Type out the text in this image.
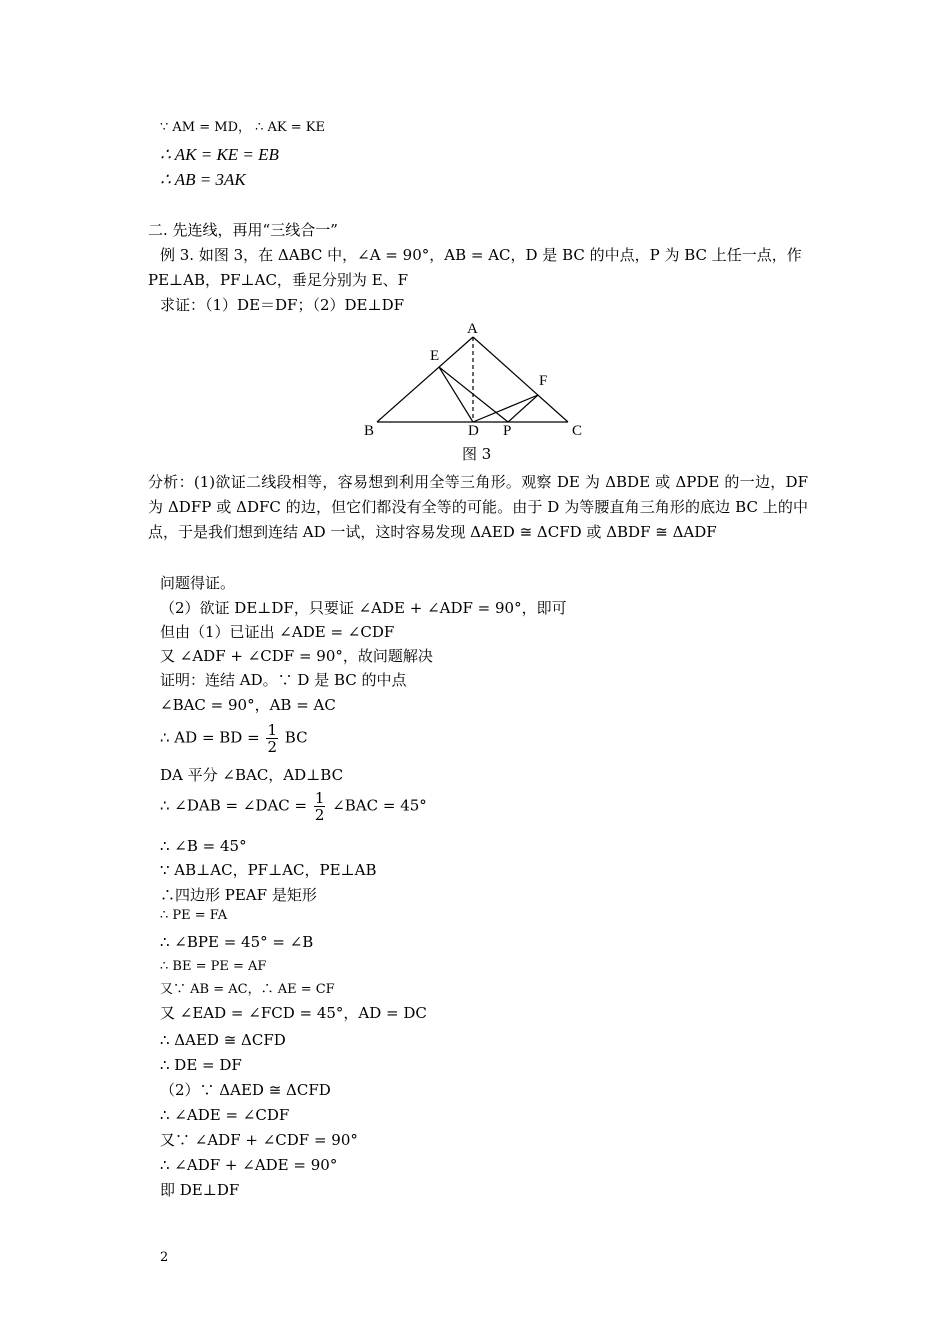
∵ AM = MD， ∴ AK = KE
∴ AK = KE = EB
∴ AB = 3AK
二. 先连线，再用“三线合一”
例 3. 如图 3，在 ΔABC 中，∠A = 90°，AB = AC，D 是 BC 的中点，P 为 BC 上任一点，作
PE⊥AB，PF⊥AC，垂足分别为 E、F
求证：（1）DE＝DF；（2）DE⊥DF
A
B	C
D
E
F
P
图 3
分析：(1)欲证二线段相等，容易想到利用全等三角形。观察 DE 为 ΔBDE 或 ΔPDE 的一边，DF 为 ΔDFP 或 ΔDFC 的边，但它们都没有全等的可能。由于 D 为等腰直角三角形的底边 BC 上的中点，于是我们想到连结 AD 一试，这时容易发现 ΔAED ≅ ΔCFD 或 ΔBDF ≅ ΔADF
问题得证。
（2）欲证 DE⊥DF，只要证 ∠ADE + ∠ADF = 90°，即可
但由（1）已证出 ∠ADE = ∠CDF
又 ∠ADF + ∠CDF = 90°，故问题解决
证明：连结 AD。∵ D 是 BC 的中点
∠BAC = 90°，AB = AC
∴ AD = BD = $\frac{1}{2}$ BC
DA 平分 ∠BAC，AD⊥BC
∴ ∠DAB = ∠DAC = $\frac{1}{2}$ ∠BAC = 45°
∴ ∠B = 45°
∵ AB⊥AC，PF⊥AC，PE⊥AB
∴四边形 PEAF 是矩形
∴ PE = FA
∴ ∠BPE = 45° = ∠B
∴ BE = PE = AF
又∵ AB = AC，∴ AE = CF
又 ∠EAD = ∠FCD = 45°，AD = DC
∴ ΔAED ≅ ΔCFD
∴ DE = DF
（2）∵ ΔAED ≅ ΔCFD
∴ ∠ADE = ∠CDF
又∵ ∠ADF + ∠CDF = 90°
∴ ∠ADF + ∠ADE = 90°
即 DE⊥DF
2
